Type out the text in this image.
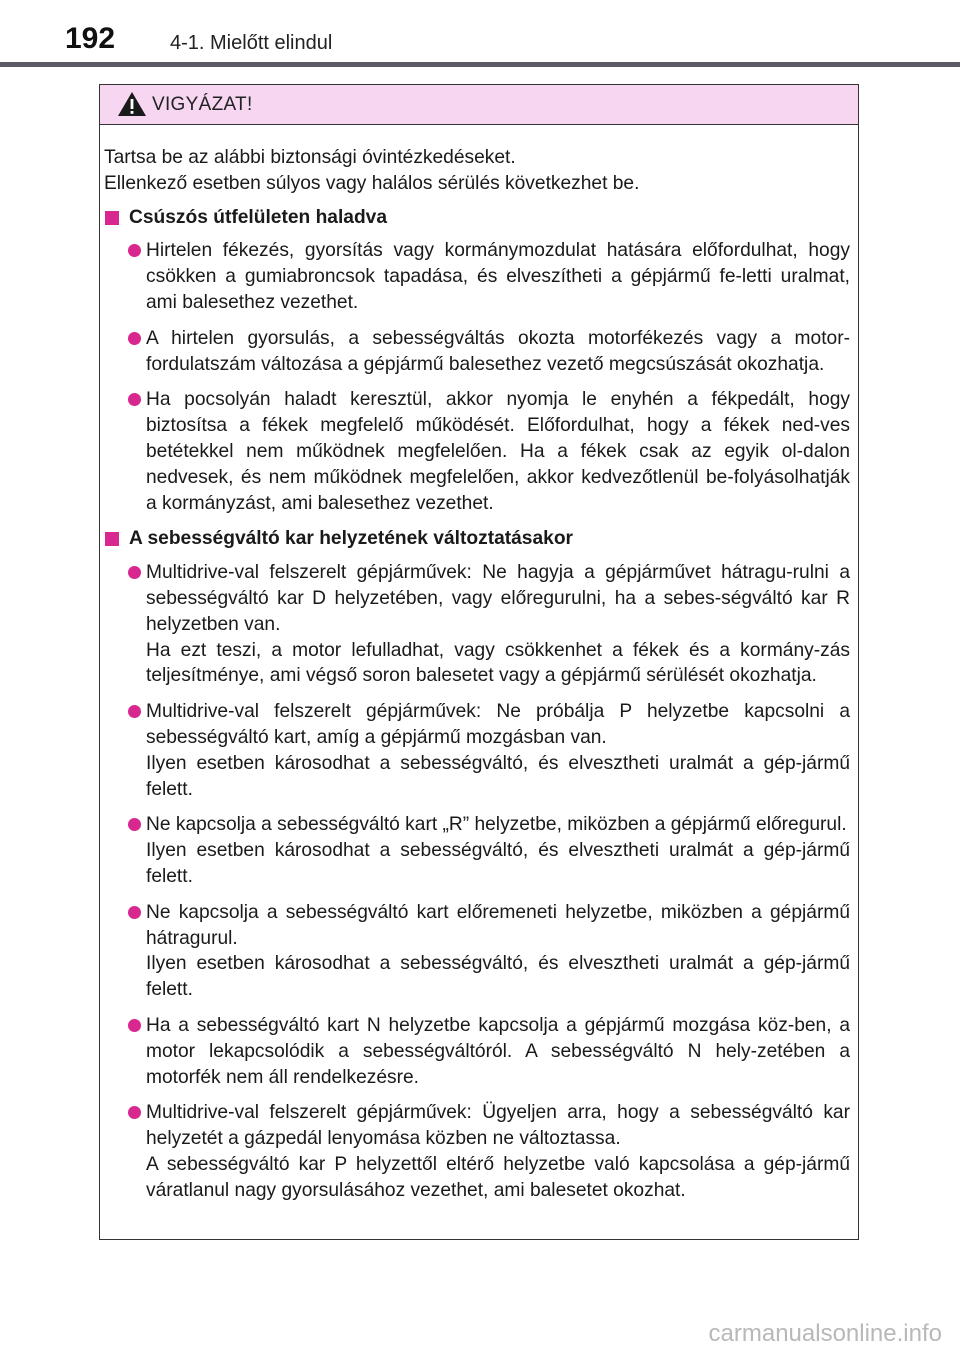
192	4-1. Mielőtt elindul
VIGYÁZAT!

Tartsa be az alábbi biztonsági óvintézkedéseket.

Ellenkező esetben súlyos vagy halálos sérülés következhet be.

Csúszós útfelületen haladva

Hirtelen fékezés, gyorsítás vagy kormánymozdulat hatására előfordulhat, hogy csökken a gumiabroncsok tapadása, és elveszítheti a gépjármű fe-letti uralmat, ami balesethez vezethet.

A hirtelen gyorsulás, a sebességváltás okozta motorfékezés vagy a motor-fordulatszám változása a gépjármű balesethez vezető megcsúszását okozhatja.

Ha pocsolyán haladt keresztül, akkor nyomja le enyhén a fékpedált, hogy biztosítsa a fékek megfelelő működését. Előfordulhat, hogy a fékek ned-ves betétekkel nem működnek megfelelően. Ha a fékek csak az egyik ol-dalon nedvesek, és nem működnek megfelelően, akkor kedvezőtlenül be-folyásolhatják a kormányzást, ami balesethez vezethet.

A sebességváltó kar helyzetének változtatásakor

Multidrive-val felszerelt gépjárművek: Ne hagyja a gépjárművet hátragu-rulni a sebességváltó kar D helyzetében, vagy előregurulni, ha a sebes-ségváltó kar R helyzetben van.

Ha ezt teszi, a motor lefulladhat, vagy csökkenhet a fékek és a kormány-zás teljesítménye, ami végső soron balesetet vagy a gépjármű sérülését okozhatja.

Multidrive-val felszerelt gépjárművek: Ne próbálja P helyzetbe kapcsolni a sebességváltó kart, amíg a gépjármű mozgásban van.

Ilyen esetben károsodhat a sebességváltó, és elvesztheti uralmát a gép-jármű felett.

Ne kapcsolja a sebességváltó kart „R” helyzetbe, miközben a gépjármű előregurul.

Ilyen esetben károsodhat a sebességváltó, és elvesztheti uralmát a gép-jármű felett.

Ne kapcsolja a sebességváltó kart előremeneti helyzetbe, miközben a gépjármű hátragurul.

Ilyen esetben károsodhat a sebességváltó, és elvesztheti uralmát a gép-jármű felett.

Ha a sebességváltó kart N helyzetbe kapcsolja a gépjármű mozgása köz-ben, a motor lekapcsolódik a sebességváltóról. A sebességváltó N hely-zetében a motorfék nem áll rendelkezésre.

Multidrive-val felszerelt gépjárművek: Ügyeljen arra, hogy a sebességváltó kar helyzetét a gázpedál lenyomása közben ne változtassa.

A sebességváltó kar P helyzettől eltérő helyzetbe való kapcsolása a gép-jármű váratlanul nagy gyorsulásához vezethet, ami balesetet okozhat.

carmanualsonline.info
